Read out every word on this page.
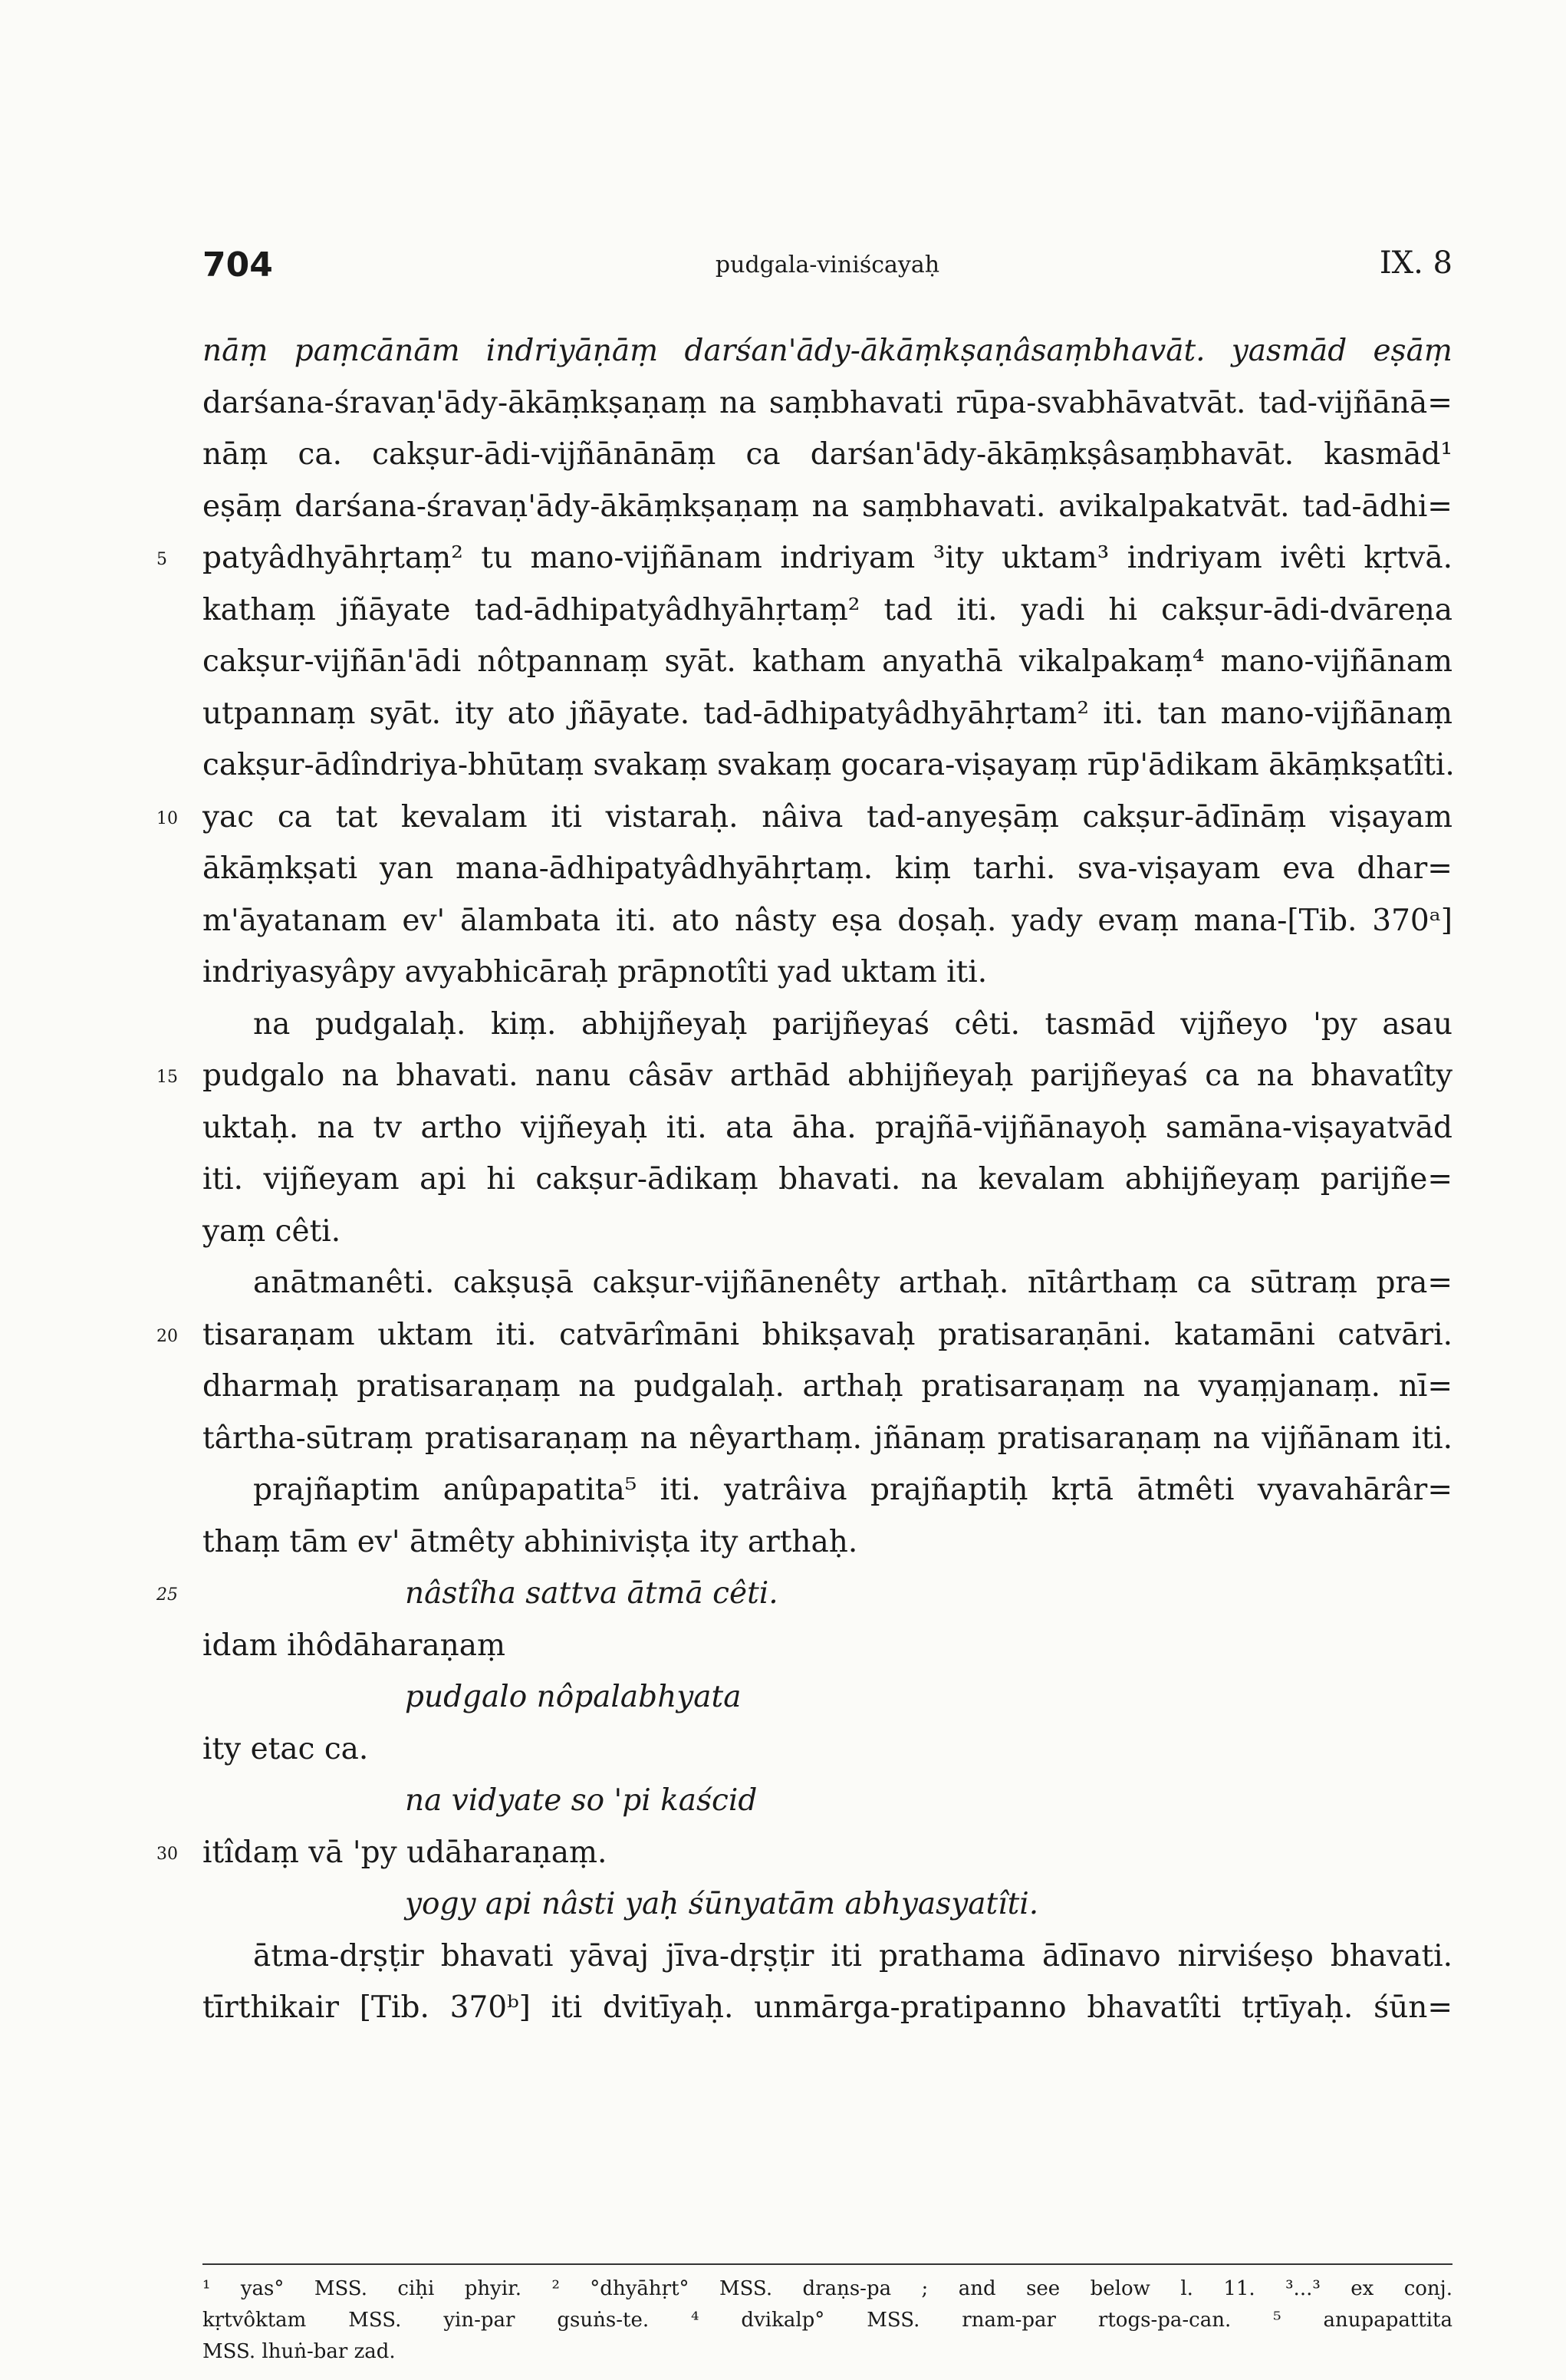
704	pudgala-viniścayaḥ	IX. 8
nāṃ paṃcānām indriyāṇāṃ darśan'ādy-ākāṃkṣaṇâsaṃbhavāt. yasmād eṣāṃ
darśana-śravaṇ'ādy-ākāṃkṣaṇaṃ na saṃbhavati rūpa-svabhāvatvāt. tad-vijñānā=
nāṃ ca. cakṣur-ādi-vijñānānāṃ ca darśan'ādy-ākāṃkṣâsaṃbhavāt. kasmād¹
eṣāṃ darśana-śravaṇ'ādy-ākāṃkṣaṇaṃ na saṃbhavati. avikalpakatvāt. tad-ādhi=
5 patyâdhyāhṛtaṃ² tu mano-vijñānam indriyam ³ity uktam³ indriyam ivêti kṛtvā.
kathaṃ jñāyate tad-ādhipatyâdhyāhṛtaṃ² tad iti. yadi hi cakṣur-ādi-dvāreṇa
cakṣur-vijñān'ādi nôtpannaṃ syāt. katham anyathā vikalpakaṃ⁴ mano-vijñānam
utpannaṃ syāt. ity ato jñāyate. tad-ādhipatyâdhyāhṛtam² iti. tan mano-vijñānaṃ
cakṣur-ādîndriya-bhūtaṃ svakaṃ svakaṃ gocara-viṣayaṃ rūp'ādikam ākāṃkṣatîti.
10 yac ca tat kevalam iti vistaraḥ. nâiva tad-anyeṣāṃ cakṣur-ādīnāṃ viṣayam
ākāṃkṣati yan mana-ādhipatyâdhyāhṛtaṃ. kiṃ tarhi. sva-viṣayam eva dhar=
m'āyatanam ev' ālambata iti. ato nâsty eṣa doṣaḥ. yady evaṃ mana-[Tib. 370ᵃ]
indriyasyâpy avyabhicāraḥ prāpnotîti yad uktam iti.
na pudgalaḥ. kiṃ. abhijñeyaḥ parijñeyaś cêti. tasmād vijñeyo 'py asau
15 pudgalo na bhavati. nanu câsāv arthād abhijñeyaḥ parijñeyaś ca na bhavatîty
uktaḥ. na tv artho vijñeyaḥ iti. ata āha. prajñā-vijñānayoḥ samāna-viṣayatvād
iti. vijñeyam api hi cakṣur-ādikaṃ bhavati. na kevalam abhijñeyaṃ parijñe=
yaṃ cêti.
anātmanêti. cakṣuṣā cakṣur-vijñānenêty arthaḥ. nītârthaṃ ca sūtraṃ pra=
20 tisaraṇam uktam iti. catvārîmāni bhikṣavaḥ pratisaraṇāni. katamāni catvāri.
dharmaḥ pratisaraṇaṃ na pudgalaḥ. arthaḥ pratisaraṇaṃ na vyaṃjanaṃ. nī=
târtha-sūtraṃ pratisaraṇaṃ na nêyarthaṃ. jñānaṃ pratisaraṇaṃ na vijñānam iti.
prajñaptim anûpapatita⁵ iti. yatrâiva prajñaptiḥ kṛtā ātmêti vyavahārâr=
thaṃ tām ev' ātmêty abhiniviṣṭa ity arthaḥ.
25	nâstîha sattva ātmā cêti.
idam ihôdāharaṇaṃ
pudgalo nôpalabhyata
ity etac ca.
na vidyate so 'pi kaścid
30 itîdaṃ vā 'py udāharaṇaṃ.
yogy api nâsti yaḥ śūnyatām abhyasyatîti.
ātma-dṛṣṭir bhavati yāvaj jīva-dṛṣṭir iti prathama ādīnavo nirviśeṣo bhavati.
tīrthikair [Tib. 370ᵇ] iti dvitīyaḥ. unmārga-pratipanno bhavatîti tṛtīyaḥ. śūn=
¹ yas° MSS. ciḥi phyir. ² °dhyāhṛt° MSS. draṇs-pa ; and see below l. 11. ³...³ ex conj.
kṛtvôktam MSS. yin-par gsuṅs-te. ⁴ dvikalp° MSS. rnam-par rtogs-pa-can. ⁵ anupapattita
MSS. lhuṅ-bar zad.
